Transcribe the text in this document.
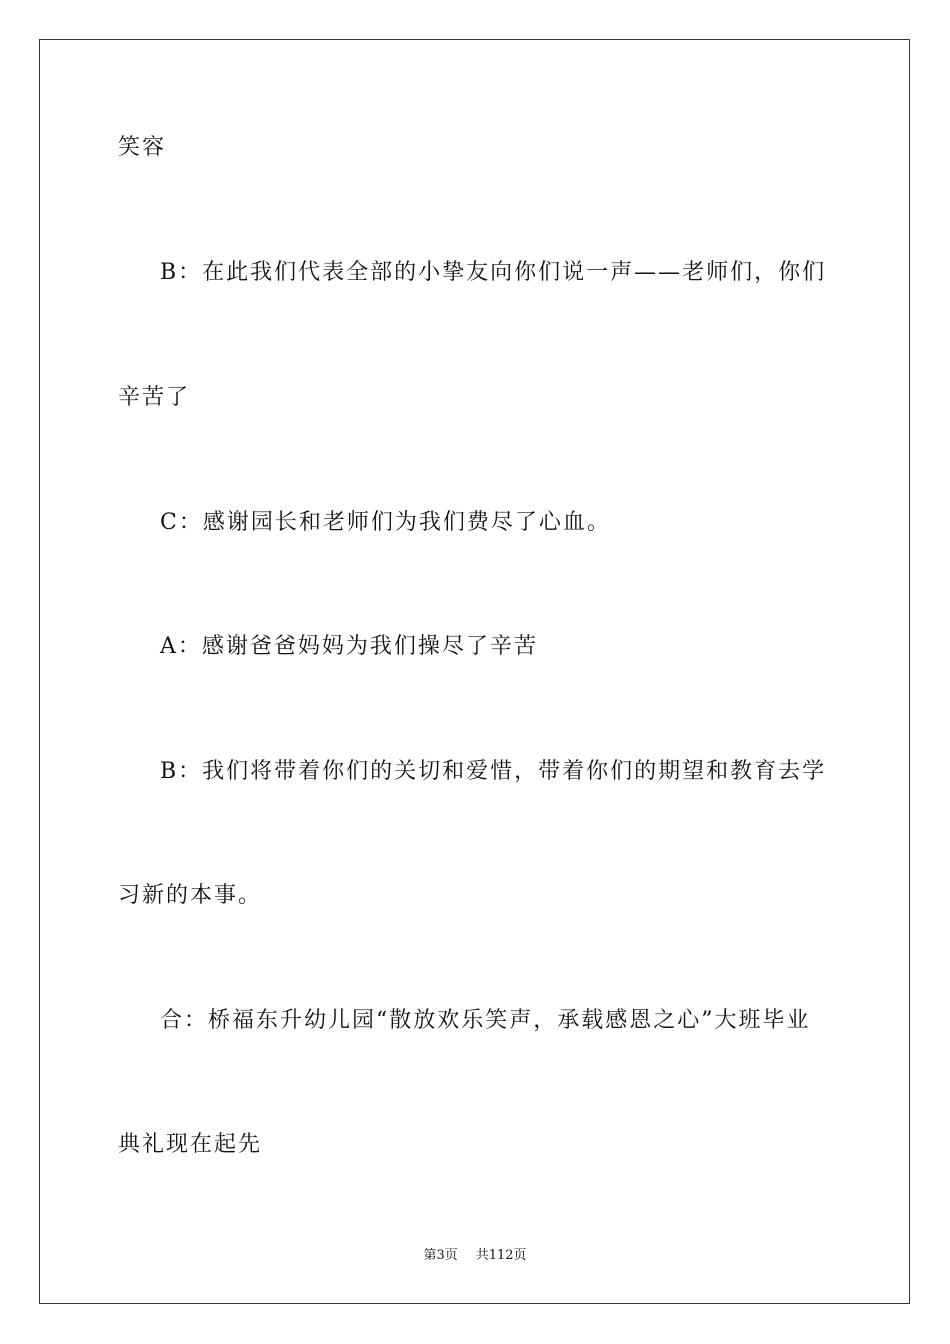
笑容
B：在此我们代表全部的小挚友向你们说一声——老师们，你们
辛苦了
C：感谢园长和老师们为我们费尽了心血。
A：感谢爸爸妈妈为我们操尽了辛苦
B：我们将带着你们的关切和爱惜，带着你们的期望和教育去学
习新的本事。
合：桥福东升幼儿园“散放欢乐笑声，承载感恩之心”大班毕业
典礼现在起先
第3页 共112页
